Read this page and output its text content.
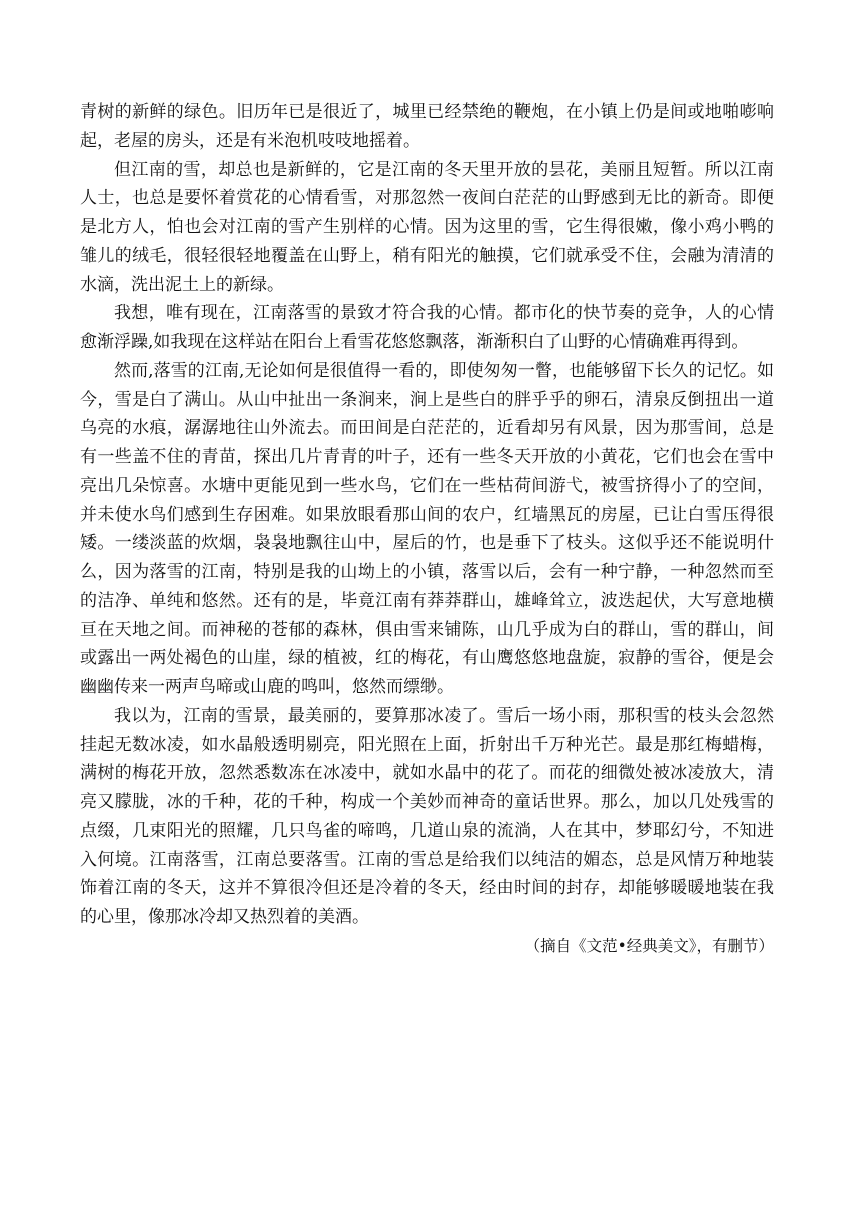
青树的新鲜的绿色。旧历年已是很近了，城里已经禁绝的鞭炮，在小镇上仍是间或地啪嘭响起，老屋的房头，还是有米泡机吱吱地摇着。

但江南的雪，却总也是新鲜的，它是江南的冬天里开放的昙花，美丽且短暂。所以江南人士，也总是要怀着赏花的心情看雪，对那忽然一夜间白茫茫的山野感到无比的新奇。即便是北方人，怕也会对江南的雪产生别样的心情。因为这里的雪，它生得很嫩，像小鸡小鸭的雏儿的绒毛，很轻很轻地覆盖在山野上，稍有阳光的触摸，它们就承受不住，会融为清清的水滴，洗出泥土上的新绿。

我想，唯有现在，江南落雪的景致才符合我的心情。都市化的快节奏的竞争，人的心情愈渐浮躁,如我现在这样站在阳台上看雪花悠悠飘落，渐渐积白了山野的心情确难再得到。

然而,落雪的江南,无论如何是很值得一看的，即使匆匆一瞥，也能够留下长久的记忆。如今，雪是白了满山。从山中扯出一条涧来，涧上是些白的胖乎乎的卵石，清泉反倒扭出一道乌亮的水痕，潺潺地往山外流去。而田间是白茫茫的，近看却另有风景，因为那雪间，总是有一些盖不住的青苗，探出几片青青的叶子，还有一些冬天开放的小黄花，它们也会在雪中亮出几朵惊喜。水塘中更能见到一些水鸟，它们在一些枯荷间游弋，被雪挤得小了的空间，并未使水鸟们感到生存困难。如果放眼看那山间的农户，红墙黑瓦的房屋，已让白雪压得很矮。一缕淡蓝的炊烟，袅袅地飘往山中，屋后的竹，也是垂下了枝头。这似乎还不能说明什么，因为落雪的江南，特别是我的山坳上的小镇，落雪以后，会有一种宁静，一种忽然而至的洁净、单纯和悠然。还有的是，毕竟江南有莽莽群山，雄峰耸立，波迭起伏，大写意地横亘在天地之间。而神秘的苍郁的森林，俱由雪来铺陈，山几乎成为白的群山，雪的群山，间或露出一两处褐色的山崖，绿的植被，红的梅花，有山鹰悠悠地盘旋，寂静的雪谷，便是会幽幽传来一两声鸟啼或山鹿的鸣叫，悠然而缥缈。

我以为，江南的雪景，最美丽的，要算那冰凌了。雪后一场小雨，那积雪的枝头会忽然挂起无数冰凌，如水晶般透明剔亮，阳光照在上面，折射出千万种光芒。最是那红梅蜡梅，满树的梅花开放，忽然悉数冻在冰凌中，就如水晶中的花了。而花的细微处被冰凌放大，清亮又朦胧，冰的千种，花的千种，构成一个美妙而神奇的童话世界。那么，加以几处残雪的点缀，几束阳光的照耀，几只鸟雀的啼鸣，几道山泉的流淌，人在其中，梦耶幻兮，不知进入何境。江南落雪，江南总要落雪。江南的雪总是给我们以纯洁的媚态，总是风情万种地装饰着江南的冬天，这并不算很冷但还是冷着的冬天，经由时间的封存，却能够暖暖地装在我的心里，像那冰冷却又热烈着的美酒。

（摘自《文范•经典美文》，有删节）
